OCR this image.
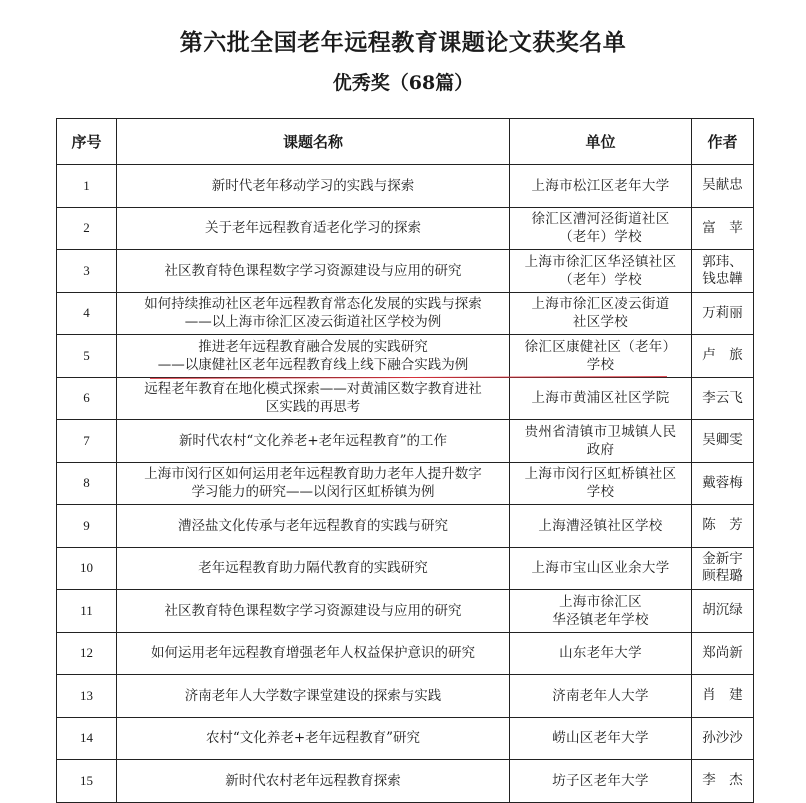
第六批全国老年远程教育课题论文获奖名单
优秀奖（68篇）
序号	课题名称	单位	作者
1	新时代老年移动学习的实践与探索	上海市松江区老年大学	吴献忠

2	关于老年远程教育适老化学习的探索	徐汇区漕河泾街道社区
（老年）学校	富　苹

3	社区教育特色课程数字学习资源建设与应用的研究	上海市徐汇区华泾镇社区
（老年）学校	郭玮、
钱忠韡

4	如何持续推动社区老年远程教育常态化发展的实践与探索
——以上海市徐汇区凌云街道社区学校为例	上海市徐汇区凌云街道
社区学校	万莉丽

5	推进老年远程教育融合发展的实践研究
——以康健社区老年远程教育线上线下融合实践为例	徐汇区康健社区（老年）
学校	卢　旅

6	远程老年教育在地化模式探索——对黄浦区数字教育进社
区实践的再思考	上海市黄浦区社区学院	李云飞

7	新时代农村“文化养老+老年远程教育”的工作	贵州省清镇市卫城镇人民
政府	吴卿雯

8	上海市闵行区如何运用老年远程教育助力老年人提升数字
学习能力的研究——以闵行区虹桥镇为例	上海市闵行区虹桥镇社区
学校	戴蓉梅

9	漕泾盐文化传承与老年远程教育的实践与研究	上海漕泾镇社区学校	陈　芳

10	老年远程教育助力隔代教育的实践研究	上海市宝山区业余大学	金新宇
顾程璐

11	社区教育特色课程数字学习资源建设与应用的研究	上海市徐汇区
华泾镇老年学校	胡沉绿

12	如何运用老年远程教育增强老年人权益保护意识的研究	山东老年大学	郑尚新

13	济南老年人大学数字课堂建设的探索与实践	济南老年人大学	肖　建

14	农村“文化养老+老年远程教育”研究	崂山区老年大学	孙沙沙

15	新时代农村老年远程教育探索	坊子区老年大学	李　杰
